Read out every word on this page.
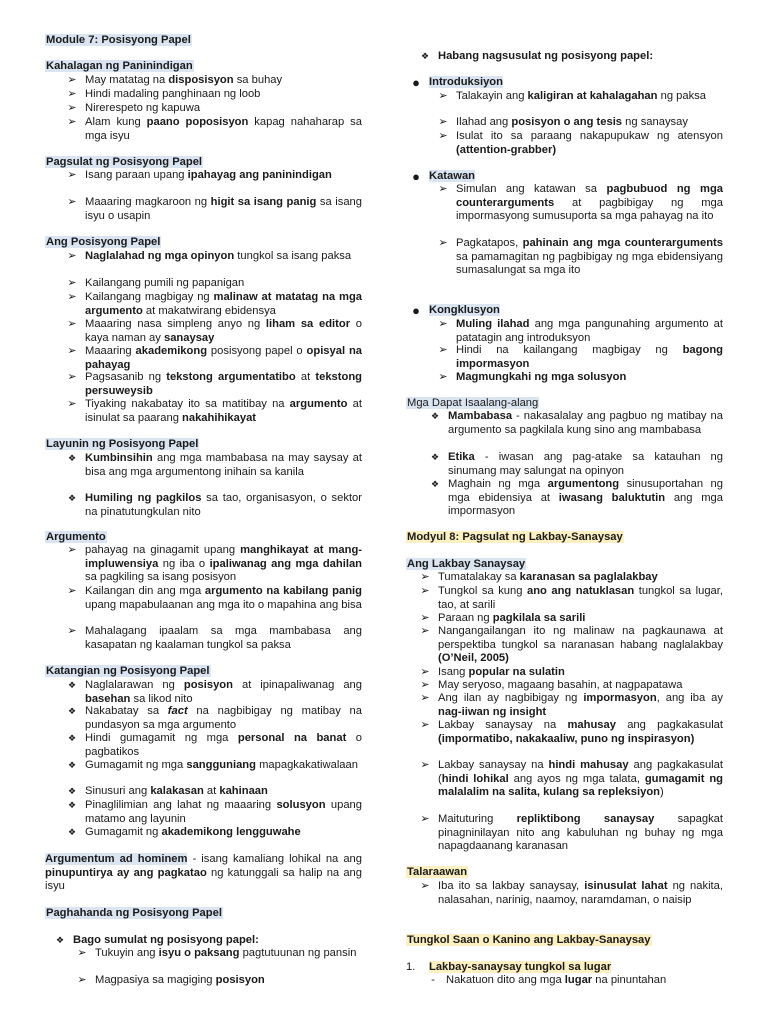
Module 7: Posisyong Papel
Kahalagan ng Paninindigan
➢ May matatag na disposisyon sa buhay
➢ Hindi madaling panghinaan ng loob
➢ Nirerespeto ng kapuwa
➢ Alam kung paano poposisyon kapag nahaharap sa mga isyu
Pagsulat ng Posisyong Papel
➢ Isang paraan upang ipahayag ang paninindigan
➢ Maaaring magkaroon ng higit sa isang panig sa isang isyu o usapin
Ang Posisyong Papel
➢ Naglalahad ng mga opinyon tungkol sa isang paksa
➢ Kailangang pumili ng papanigan
➢ Kailangang magbigay ng malinaw at matatag na mga argumento at makatwirang ebidensya
➢ Maaaring nasa simpleng anyo ng liham sa editor o kaya naman ay sanaysay
➢ Maaaring akademikong posisyong papel o opisyal na pahayag
➢ Pagsasanib ng tekstong argumentatibo at tekstong persuweysib
➢ Tiyaking nakabatay ito sa matitibay na argumento at isinulat sa paarang nakahihikayat
Layunin ng Posisyong Papel
❖ Kumbinsihin ang mga mambabasa na may saysay at bisa ang mga argumentong inihain sa kanila
❖ Humiling ng pagkilos sa tao, organisasyon, o sektor na pinatutungkulan nito
Argumento
➢ pahayag na ginagamit upang manghikayat at mang-impluwensiya ng iba o ipaliwanag ang mga dahilan sa pagkiling sa isang posisyon
➢ Kailangan din ang mga argumento na kabilang panig upang mapabulaanan ang mga ito o mapahina ang bisa
➢ Mahalagang ipaalam sa mga mambabasa ang kasapatan ng kaalaman tungkol sa paksa
Katangian ng Posisyong Papel
❖ Naglalarawan ng posisyon at ipinapaliwanag ang basehan sa likod nito
❖ Nakabatay sa fact na nagbibigay ng matibay na pundasyon sa mga argumento
❖ Hindi gumagamit ng mga personal na banat o pagbatikos
❖ Gumagamit ng mga sangguniang mapagkakatiwalaan
❖ Sinusuri ang kalakasan at kahinaan
❖ Pinaglilimian ang lahat ng maaaring solusyon upang matamo ang layunin
❖ Gumagamit ng akademikong lengguwahe
Argumentum ad hominem - isang kamaliang lohikal na ang pinupuntirya ay ang pagkatao ng katunggali sa halip na ang isyu
Paghahanda ng Posisyong Papel
❖ Bago sumulat ng posisyong papel:
➢ Tukuyin ang isyu o paksang pagtutuunan ng pansin
➢ Magpasiya sa magiging posisyon
❖ Habang nagsusulat ng posisyong papel:
● Introduksiyon
➢ Talakayin ang kaligiran at kahalagahan ng paksa
➢ Ilahad ang posisyon o ang tesis ng sanaysay
➢ Isulat ito sa paraang nakapupukaw ng atensyon (attention-grabber)
● Katawan
➢ Simulan ang katawan sa pagbubuod ng mga counterarguments at pagbibigay ng mga impormasyong sumusuporta sa mga pahayag na ito
➢ Pagkatapos, pahinain ang mga counterarguments sa pamamagitan ng pagbibigay ng mga ebidensiyang sumasalungat sa mga ito
● Kongklusyon
➢ Muling ilahad ang mga pangunahing argumento at patatagin ang introduksyon
➢ Hindi na kailangang magbigay ng bagong impormasyon
➢ Magmungkahi ng mga solusyon
Mga Dapat Isaalang-alang
❖ Mambabasa - nakasalalay ang pagbuo ng matibay na argumento sa pagkilala kung sino ang mambabasa
❖ Etika - iwasan ang pag-atake sa katauhan ng sinumang may salungat na opinyon
❖ Maghain ng mga argumentong sinusuportahan ng mga ebidensiya at iwasang baluktutin ang mga impormasyon
Modyul 8: Pagsulat ng Lakbay-Sanaysay
Ang Lakbay Sanaysay
➢ Tumatalakay sa karanasan sa paglalakbay
➢ Tungkol sa kung ano ang natuklasan tungkol sa lugar, tao, at sarili
➢ Paraan ng pagkilala sa sarili
➢ Nangangailangan ito ng malinaw na pagkaunawa at perspektiba tungkol sa naranasan habang naglalakbay (O’Neil, 2005)
➢ Isang popular na sulatin
➢ May seryoso, magaang basahin, at nagpapatawa
➢ Ang ilan ay nagbibigay ng impormasyon, ang iba ay nag-iiwan ng insight
➢ Lakbay sanaysay na mahusay ang pagkakasulat (impormatibo, nakakaaliw, puno ng inspirasyon)
➢ Lakbay sanaysay na hindi mahusay ang pagkakasulat (hindi lohikal ang ayos ng mga talata, gumagamit ng malalalim na salita, kulang sa repleksiyon)
➢ Maituturing repliktibong sanaysay sapagkat pinagninilayan nito ang kabuluhan ng buhay ng mga napagdaanang karanasan
Talaraawan
➢ Iba ito sa lakbay sanaysay, isinusulat lahat ng nakita, nalasahan, narinig, naamoy, naramdaman, o naisip
Tungkol Saan o Kanino ang Lakbay-Sanaysay
1.	Lakbay-sanaysay tungkol sa lugar
- Nakatuon dito ang mga lugar na pinuntahan
